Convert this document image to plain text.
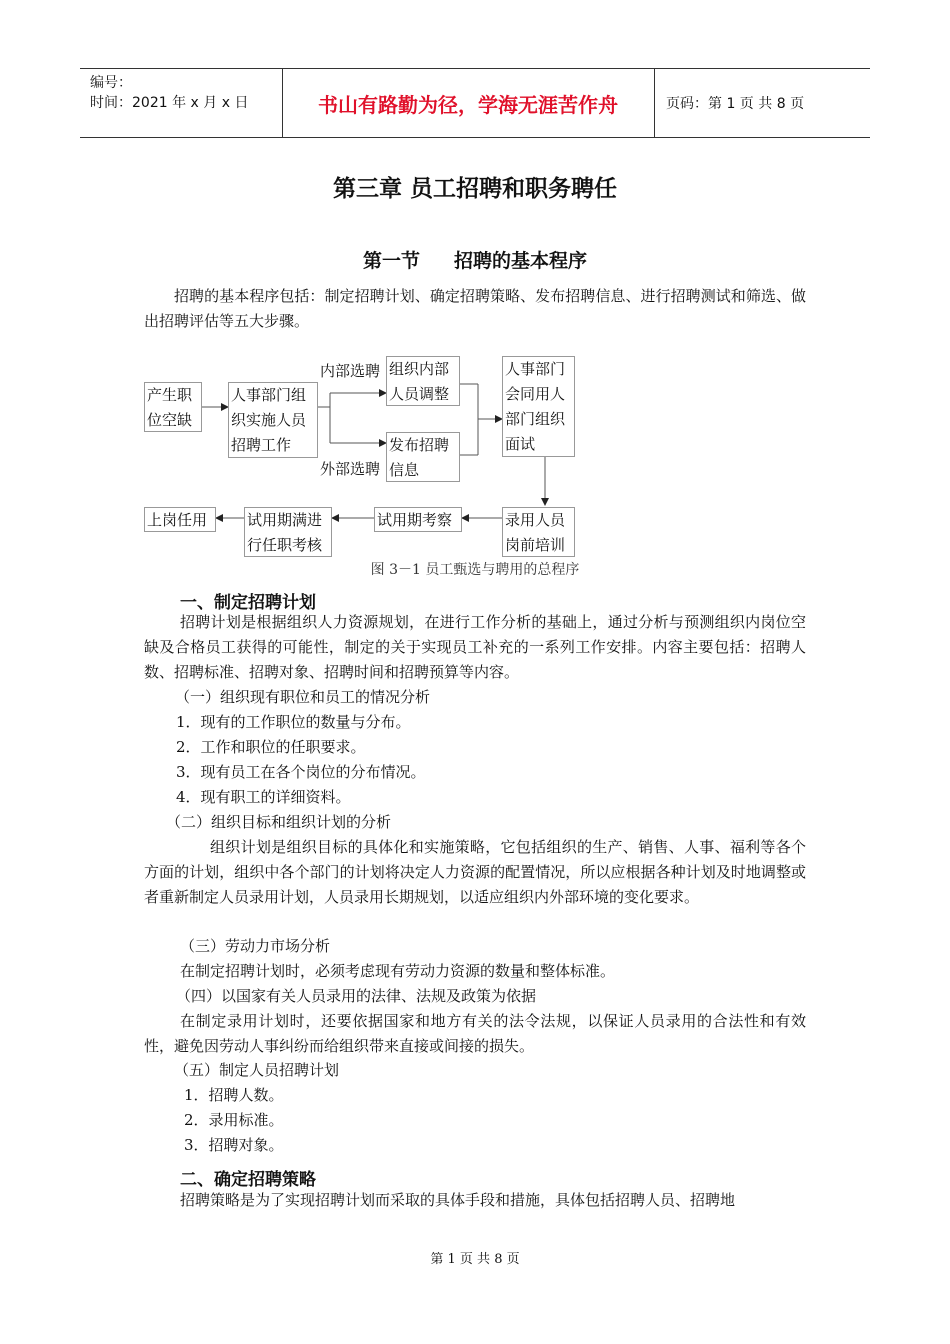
编号：
时间：2021 年 x 月 x 日	书山有路勤为径，学海无涯苦作舟	页码：第 1 页 共 8 页
第三章 员工招聘和职务聘任
第一节 招聘的基本程序
招聘的基本程序包括：制定招聘计划、确定招聘策略、发布招聘信息、进行招聘测试和筛选、做出招聘评估等五大步骤。
产生职位空缺
人事部门组织实施人员招聘工作
内部选聘 组织内部人员调整
发布招聘信息
外部选聘
人事部门会同用人部门组织面试
录用人员岗前培训
试用期考察
试用期满进行任职考核
上岗任用
图 3－1 员工甄选与聘用的总程序
一、制定招聘计划
招聘计划是根据组织人力资源规划，在进行工作分析的基础上，通过分析与预测组织内岗位空缺及合格员工获得的可能性，制定的关于实现员工补充的一系列工作安排。内容主要包括：招聘人数、招聘标准、招聘对象、招聘时间和招聘预算等内容。
（一）组织现有职位和员工的情况分析
1．现有的工作职位的数量与分布。
2．工作和职位的任职要求。
3．现有员工在各个岗位的分布情况。
4．现有职工的详细资料。
（二）组织目标和组织计划的分析
组织计划是组织目标的具体化和实施策略，它包括组织的生产、销售、人事、福利等各个方面的计划，组织中各个部门的计划将决定人力资源的配置情况，所以应根据各种计划及时地调整或者重新制定人员录用计划，人员录用长期规划，以适应组织内外部环境的变化要求。
（三）劳动力市场分析
在制定招聘计划时，必须考虑现有劳动力资源的数量和整体标准。
（四）以国家有关人员录用的法律、法规及政策为依据
在制定录用计划时，还要依据国家和地方有关的法令法规，以保证人员录用的合法性和有效性，避免因劳动人事纠纷而给组织带来直接或间接的损失。
（五）制定人员招聘计划
1．招聘人数。
2．录用标准。
3．招聘对象。
二、确定招聘策略
招聘策略是为了实现招聘计划而采取的具体手段和措施，具体包括招聘人员、招聘地
第 1 页 共 8 页
